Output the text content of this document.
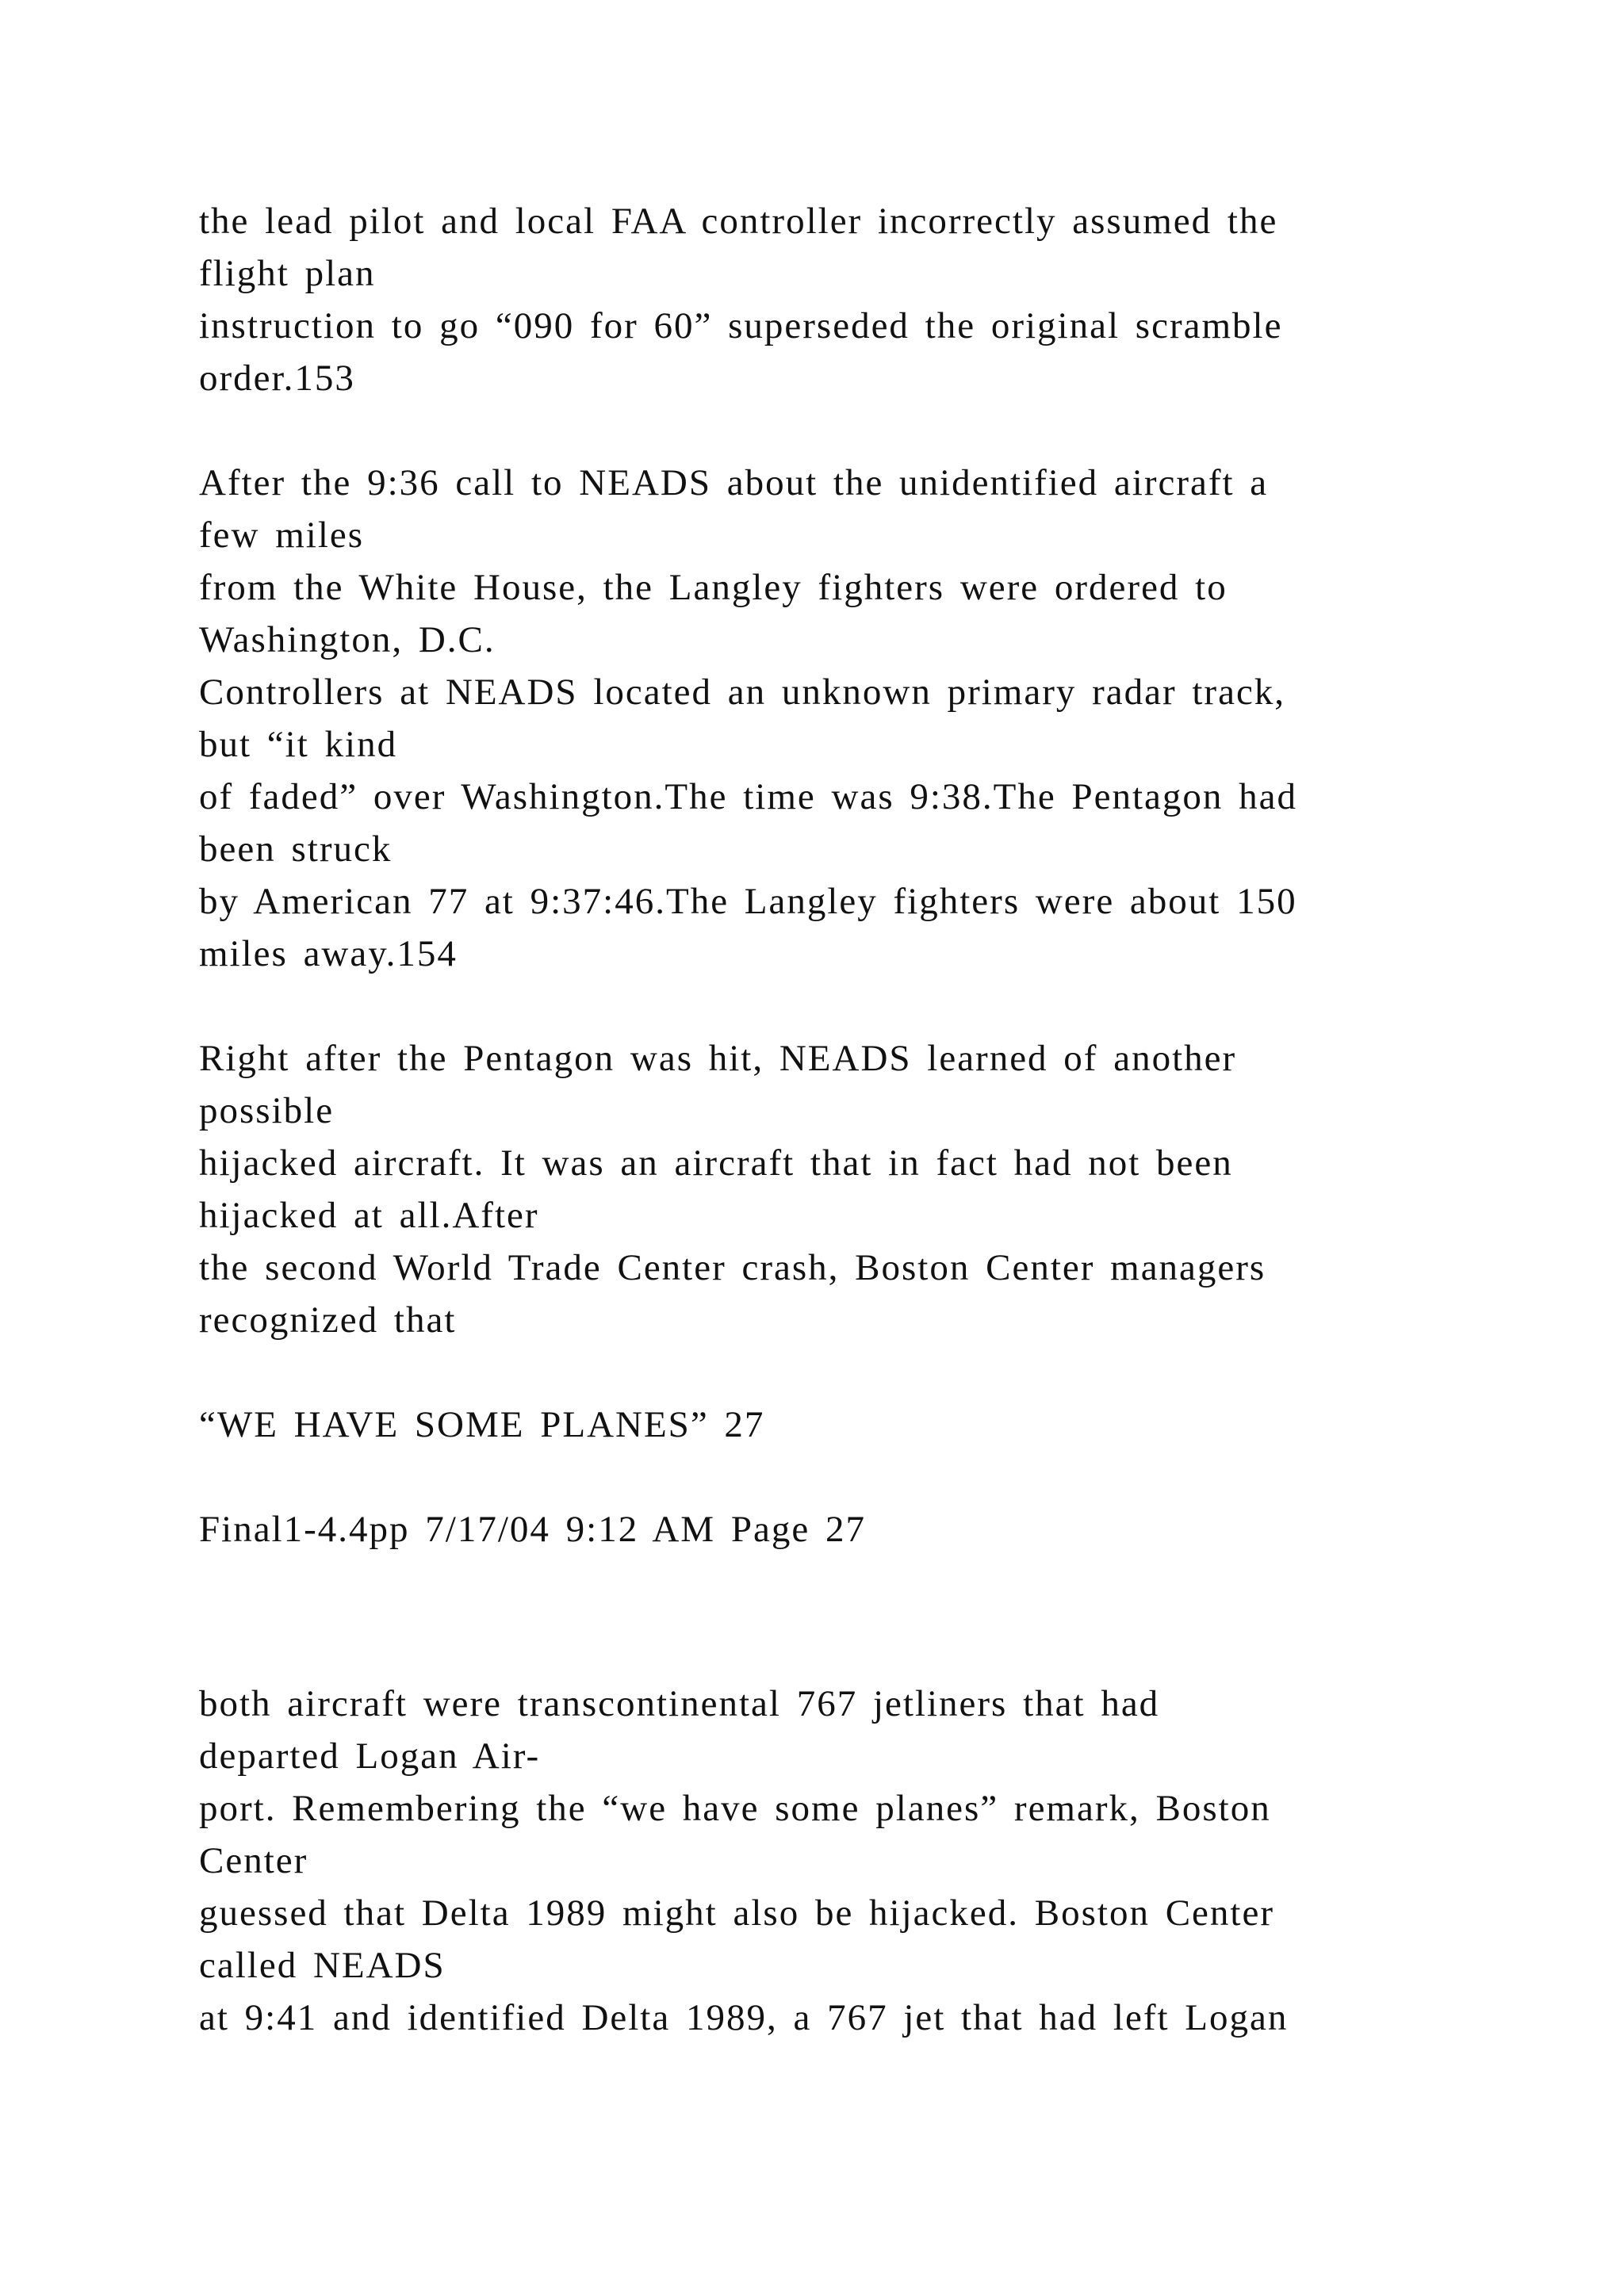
the lead pilot and local FAA controller incorrectly assumed the
flight plan
instruction to go “090 for 60” superseded the original scramble
order.153
After the 9:36 call to NEADS about the unidentified aircraft a
few miles
from the White House, the Langley fighters were ordered to
Washington, D.C.
Controllers at NEADS located an unknown primary radar track,
but “it kind
of faded” over Washington.The time was 9:38.The Pentagon had
been struck
by American 77 at 9:37:46.The Langley fighters were about 150
miles away.154
Right after the Pentagon was hit, NEADS learned of another
possible
hijacked aircraft. It was an aircraft that in fact had not been
hijacked at all.After
the second World Trade Center crash, Boston Center managers
recognized that
“WE HAVE SOME PLANES” 27
Final1-4.4pp 7/17/04 9:12 AM Page 27
both aircraft were transcontinental 767 jetliners that had
departed Logan Air-
port. Remembering the “we have some planes” remark, Boston
Center
guessed that Delta 1989 might also be hijacked. Boston Center
called NEADS
at 9:41 and identified Delta 1989, a 767 jet that had left Logan
